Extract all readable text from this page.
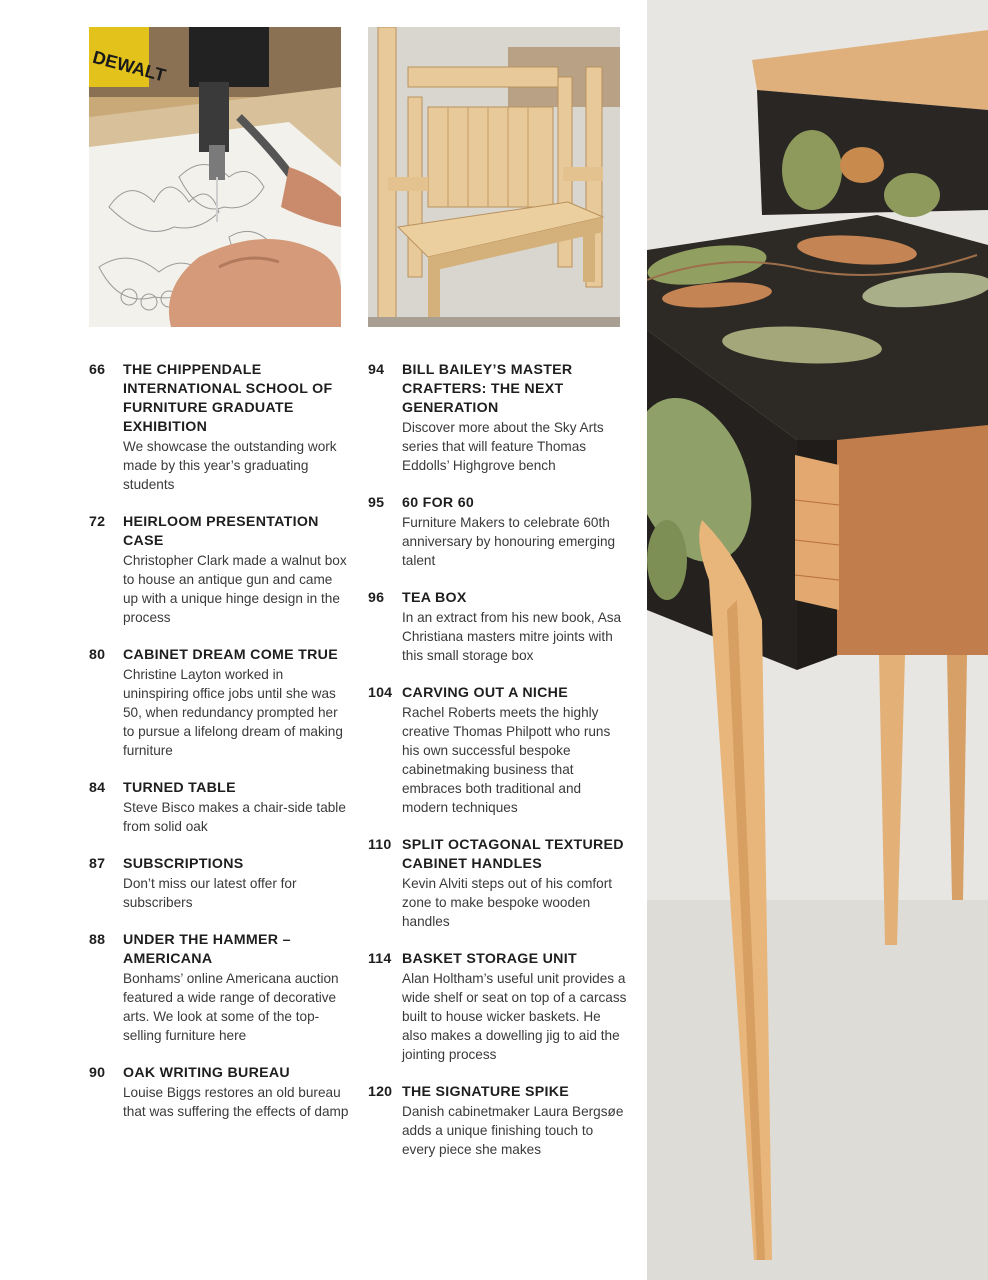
DEWALT
66	THE CHIPPENDALE INTERNATIONAL SCHOOL OF FURNITURE GRADUATE EXHIBITION
We showcase the outstanding work made by this year’s graduating students
72	HEIRLOOM PRESENTATION CASE
Christopher Clark made a walnut box to house an antique gun and came up with a unique hinge design in the process
80	CABINET DREAM COME TRUE
Christine Layton worked in uninspiring office jobs until she was 50, when redundancy prompted her to pursue a lifelong dream of making furniture
84	TURNED TABLE
Steve Bisco makes a chair-side table from solid oak
87	SUBSCRIPTIONS
Don’t miss our latest offer for subscribers
88	UNDER THE HAMMER – AMERICANA
Bonhams’ online Americana auction featured a wide range of decorative arts. We look at some of the top-selling furniture here
90	OAK WRITING BUREAU
Louise Biggs restores an old bureau that was suffering the effects of damp
94	BILL BAILEY’S MASTER CRAFTERS: THE NEXT GENERATION
Discover more about the Sky Arts series that will feature Thomas Eddolls’ Highgrove bench
95	60 FOR 60
Furniture Makers to celebrate 60th anniversary by honouring emerging talent
96	TEA BOX
In an extract from his new book, Asa Christiana masters mitre joints with this small storage box
104 CARVING OUT A NICHE
Rachel Roberts meets the highly creative Thomas Philpott who runs his own successful bespoke cabinetmaking business that embraces both traditional and modern techniques
110 SPLIT OCTAGONAL TEXTURED CABINET HANDLES
Kevin Alviti steps out of his comfort zone to make bespoke wooden handles
114 BASKET STORAGE UNIT
Alan Holtham’s useful unit provides a wide shelf or seat on top of a carcass built to house wicker baskets. He also makes a dowelling jig to aid the jointing process
120 THE SIGNATURE SPIKE
Danish cabinetmaker Laura Bergsøe adds a unique finishing touch to every piece she makes
